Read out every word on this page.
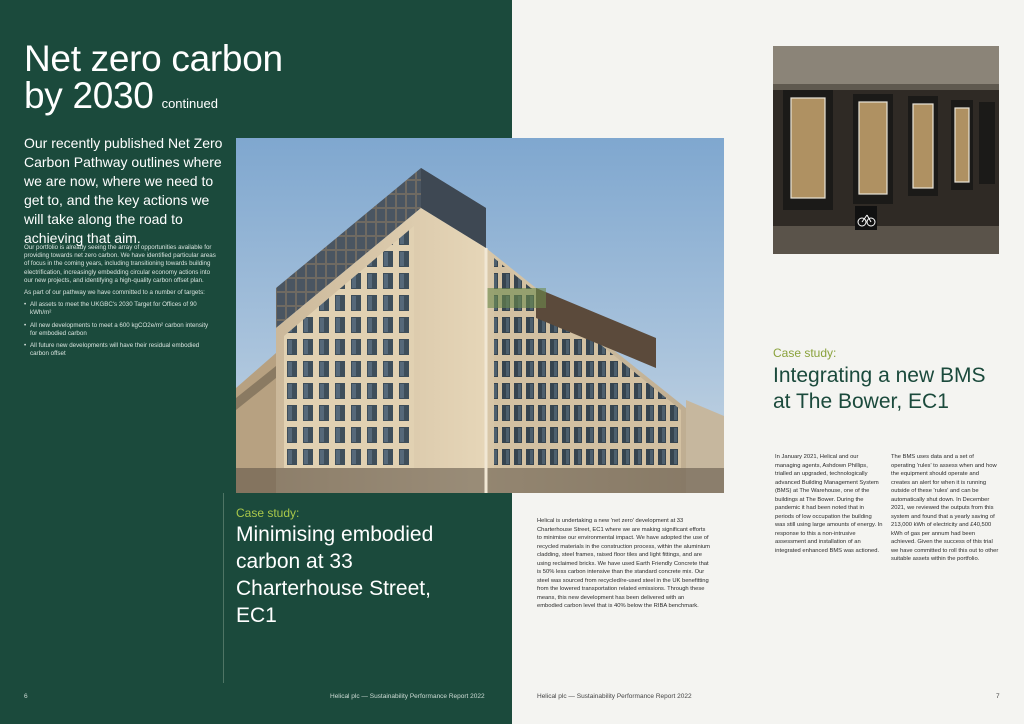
Net zero carbon
by 2030 continued

Our recently published Net Zero Carbon Pathway outlines where we are now, where we need to get to, and the key actions we will take along the road to achieving that aim.

Our portfolio is already seeing the array of opportunities available for providing towards net zero carbon. We have identified particular areas of focus in the coming years, including transitioning towards building electrification, increasingly embedding circular economy actions into our new projects, and identifying a high-quality carbon offset plan.

As part of our pathway we have committed to a number of targets:

• All assets to meet the UKGBC's 2030 Target for Offices of 90 kWh/m²
• All new developments to meet a 600 kgCO2e/m² carbon intensity for embodied carbon
• All future new developments will have their residual embodied carbon offset
Case study:
Minimising embodied carbon at 33 Charterhouse Street, EC1
6	Helical plc — Sustainability Performance Report 2022	Helical plc — Sustainability Performance Report 2022	7
Helical is undertaking a new 'net zero' development at 33 Charterhouse Street, EC1 where we are making significant efforts to minimise our environmental impact. We have adopted the use of recycled materials in the construction process, within the aluminium cladding, steel frames, raised floor tiles and light fittings, and are using reclaimed bricks. We have used Earth Friendly Concrete that is 50% less carbon intensive than the standard concrete mix. Our steel was sourced from recycled/re-used steel in the UK benefitting from the lowered transportation related emissions. Through these means, this new development has been delivered with an embodied carbon level that is 40% below the RIBA benchmark.
Case study:
Integrating a new BMS at The Bower, EC1
In January 2021, Helical and our managing agents, Ashdown Phillips, trialled an upgraded, technologically advanced Building Management System (BMS) at The Warehouse, one of the buildings at The Bower. During the pandemic it had been noted that in periods of low occupation the building was still using large amounts of energy. In response to this a non-intrusive assessment and installation of an integrated enhanced BMS was actioned.
The BMS uses data and a set of operating 'rules' to assess when and how the equipment should operate and creates an alert for when it is running outside of these 'rules' and can be automatically shut down. In December 2021, we reviewed the outputs from this system and found that a yearly saving of 213,000 kWh of electricity and £40,500 kWh of gas per annum had been achieved. Given the success of this trial we have committed to roll this out to other suitable assets within the portfolio.
